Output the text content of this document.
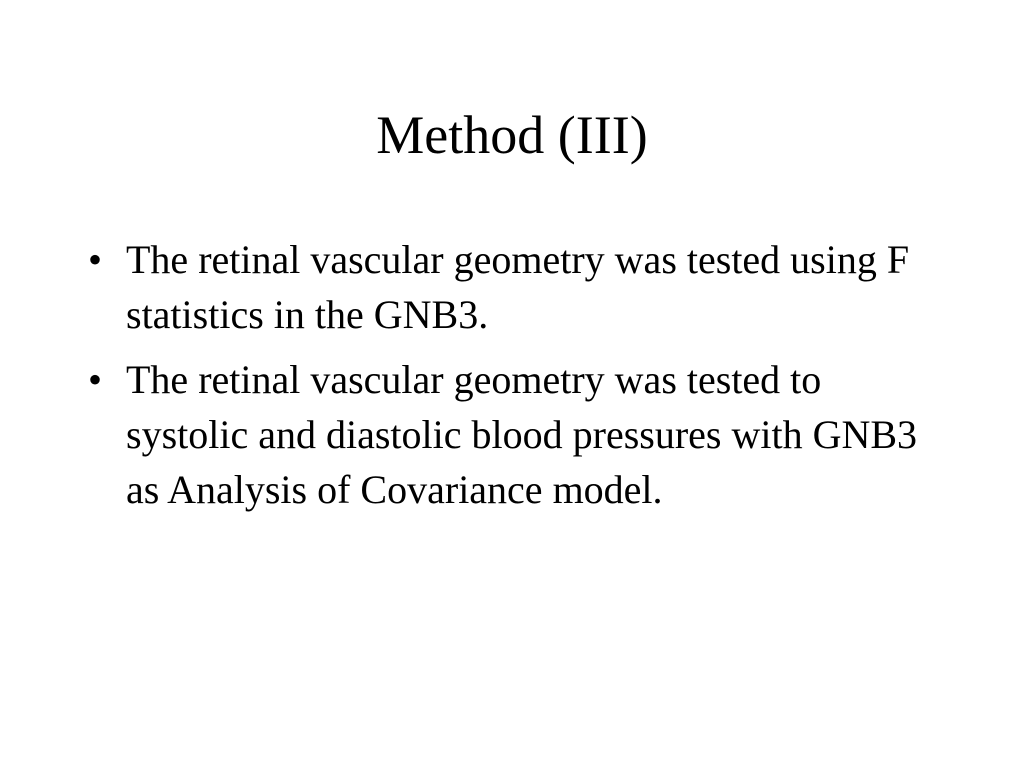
Method (III)
• The retinal vascular geometry was tested using F statistics in the GNB3.
• The retinal vascular geometry was tested to systolic and diastolic blood pressures with GNB3 as Analysis of Covariance model.
